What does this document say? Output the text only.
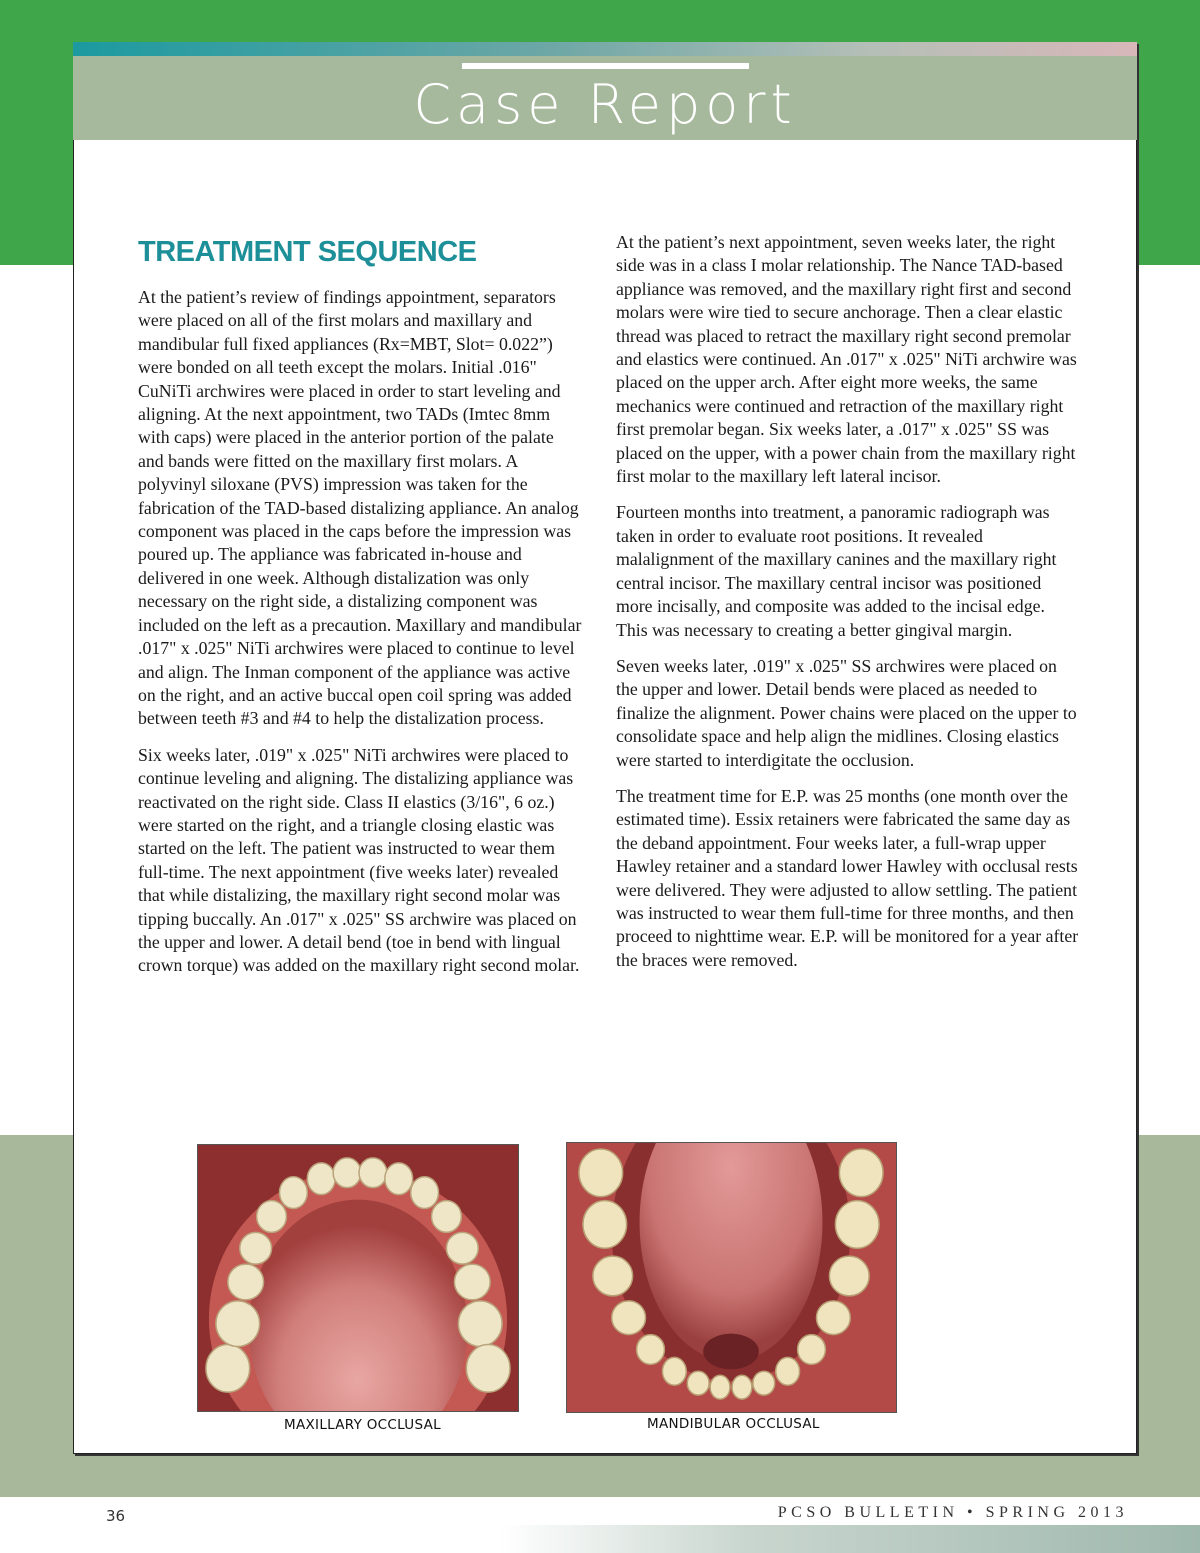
Case Report
TREATMENT SEQUENCE

At the patient’s review of findings appointment, separators were placed on all of the first molars and maxillary and mandibular full fixed appliances (Rx=MBT, Slot= 0.022”) were bonded on all teeth except the molars. Initial .016" CuNiTi archwires were placed in order to start leveling and aligning. At the next appointment, two TADs (Imtec 8mm with caps) were placed in the anterior portion of the palate and bands were fitted on the maxillary first molars. A polyvinyl siloxane (PVS) impression was taken for the fabrication of the TAD-based distalizing appliance. An analog component was placed in the caps before the impression was poured up. The appliance was fabricated in-house and delivered in one week. Although distalization was only necessary on the right side, a distalizing component was included on the left as a precaution. Maxillary and mandibular .017" x .025" NiTi archwires were placed to continue to level and align. The Inman component of the appliance was active on the right, and an active buccal open coil spring was added between teeth #3 and #4 to help the distalization process.

Six weeks later, .019" x .025" NiTi archwires were placed to continue leveling and aligning. The distalizing appliance was reactivated on the right side. Class II elastics (3/16", 6 oz.) were started on the right, and a triangle closing elastic was started on the left. The patient was instructed to wear them full-time. The next appointment (five weeks later) revealed that while distalizing, the maxillary right second molar was tipping buccally. An .017" x .025" SS archwire was placed on the upper and lower. A detail bend (toe in bend with lingual crown torque) was added on the maxillary right second molar.

At the patient’s next appointment, seven weeks later, the right side was in a class I molar relationship. The Nance TAD-based appliance was removed, and the maxillary right first and second molars were wire tied to secure anchorage. Then a clear elastic thread was placed to retract the maxillary right second premolar and elastics were continued. An .017" x .025" NiTi archwire was placed on the upper arch. After eight more weeks, the same mechanics were continued and retraction of the maxillary right first premolar began. Six weeks later, a .017" x .025" SS was placed on the upper, with a power chain from the maxillary right first molar to the maxillary left lateral incisor.

Fourteen months into treatment, a panoramic radiograph was taken in order to evaluate root positions. It revealed malalignment of the maxillary canines and the maxillary right central incisor. The maxillary central incisor was positioned more incisally, and composite was added to the incisal edge. This was necessary to creating a better gingival margin.

Seven weeks later, .019" x .025" SS archwires were placed on the upper and lower. Detail bends were placed as needed to finalize the alignment. Power chains were placed on the upper to consolidate space and help align the midlines. Closing elastics were started to interdigitate the occlusion.

The treatment time for E.P. was 25 months (one month over the estimated time). Essix retainers were fabricated the same day as the deband appointment. Four weeks later, a full-wrap upper Hawley retainer and a standard lower Hawley with occlusal rests were delivered. They were adjusted to allow settling. The patient was instructed to wear them full-time for three months, and then proceed to nighttime wear. E.P. will be monitored for a year after the braces were removed.

MAXILLARY OCCLUSAL	MANDIBULAR OCCLUSAL
36	PCSO BULLETIN • SPRING 2013
